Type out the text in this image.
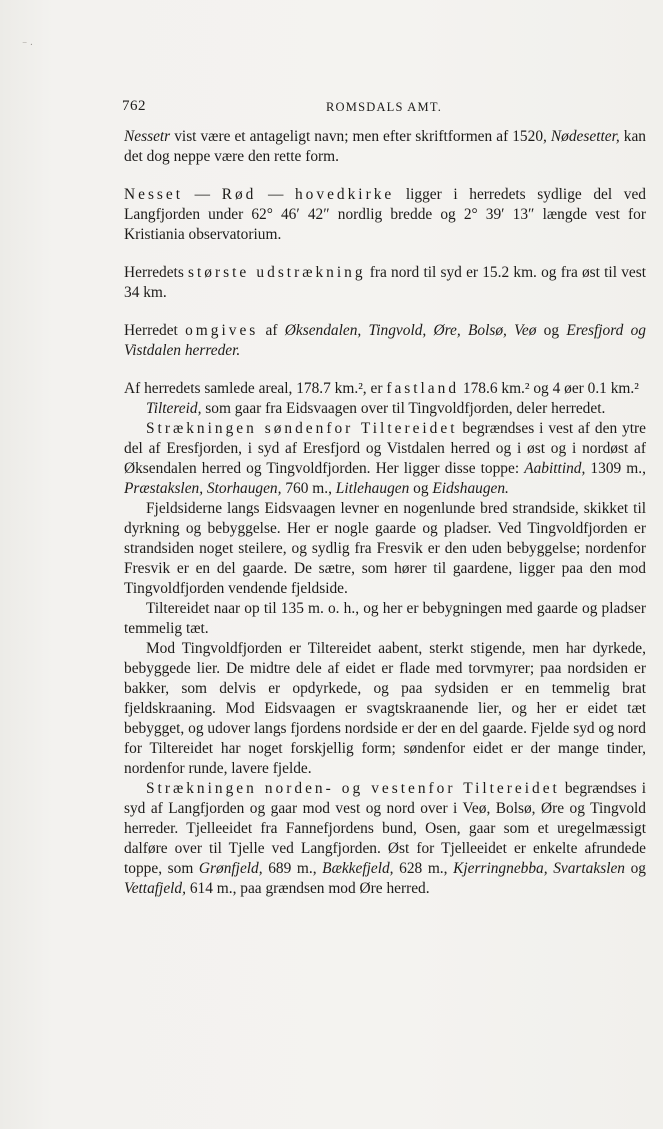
⁻ ·
762	ROMSDALS AMT.

Nessetr vist være et antageligt navn; men efter skriftformen af 1520, Nødesetter, kan det dog neppe være den rette form.

Nesset — Rød — hovedkirke ligger i herredets sydlige del ved Langfjorden under 62° 46′ 42″ nordlig bredde og 2° 39′ 13″ længde vest for Kristiania observatorium.

Herredets største udstrækning fra nord til syd er 15.2 km. og fra øst til vest 34 km.

Herredet omgives af Øksendalen, Tingvold, Øre, Bolsø, Veø og Eresfjord og Vistdalen herreder.

Af herredets samlede areal, 178.7 km.², er fastland 178.6 km.² og 4 øer 0.1 km.²

Tiltereid, som gaar fra Eidsvaagen over til Tingvoldfjorden, deler herredet.

Strækningen søndenfor Tiltereidet begrændses i vest af den ytre del af Eresfjorden, i syd af Eresfjord og Vistdalen herred og i øst og i nordøst af Øksendalen herred og Tingvoldfjorden. Her ligger disse toppe: Aabittind, 1309 m., Præstakslen, Storhaugen, 760 m., Litlehaugen og Eidshaugen.

Fjeldsiderne langs Eidsvaagen levner en nogenlunde bred strandside, skikket til dyrkning og bebyggelse. Her er nogle gaarde og pladser. Ved Tingvoldfjorden er strandsiden noget steilere, og sydlig fra Fresvik er den uden bebyggelse; nordenfor Fresvik er en del gaarde. De sætre, som hører til gaardene, ligger paa den mod Tingvoldfjorden vendende fjeldside.

Tiltereidet naar op til 135 m. o. h., og her er bebygningen med gaarde og pladser temmelig tæt.

Mod Tingvoldfjorden er Tiltereidet aabent, sterkt stigende, men har dyrkede, bebyggede lier. De midtre dele af eidet er flade med torvmyrer; paa nordsiden er bakker, som delvis er opdyrkede, og paa sydsiden er en temmelig brat fjeldskraaning. Mod Eidsvaagen er svagtskraanende lier, og her er eidet tæt bebygget, og udover langs fjordens nordside er der en del gaarde. Fjelde syd og nord for Tiltereidet har noget forskjellig form; søndenfor eidet er der mange tinder, nordenfor runde, lavere fjelde.

Strækningen norden- og vestenfor Tiltereidet begrændses i syd af Langfjorden og gaar mod vest og nord over i Veø, Bolsø, Øre og Tingvold herreder. Tjelleeidet fra Fannefjordens bund, Osen, gaar som et uregelmæssigt dalføre over til Tjelle ved Langfjorden. Øst for Tjelleeidet er enkelte afrundede toppe, som Grønfjeld, 689 m., Bækkefjeld, 628 m., Kjerringnebba, Svartakslen og Vettafjeld, 614 m., paa grændsen mod Øre herred.
